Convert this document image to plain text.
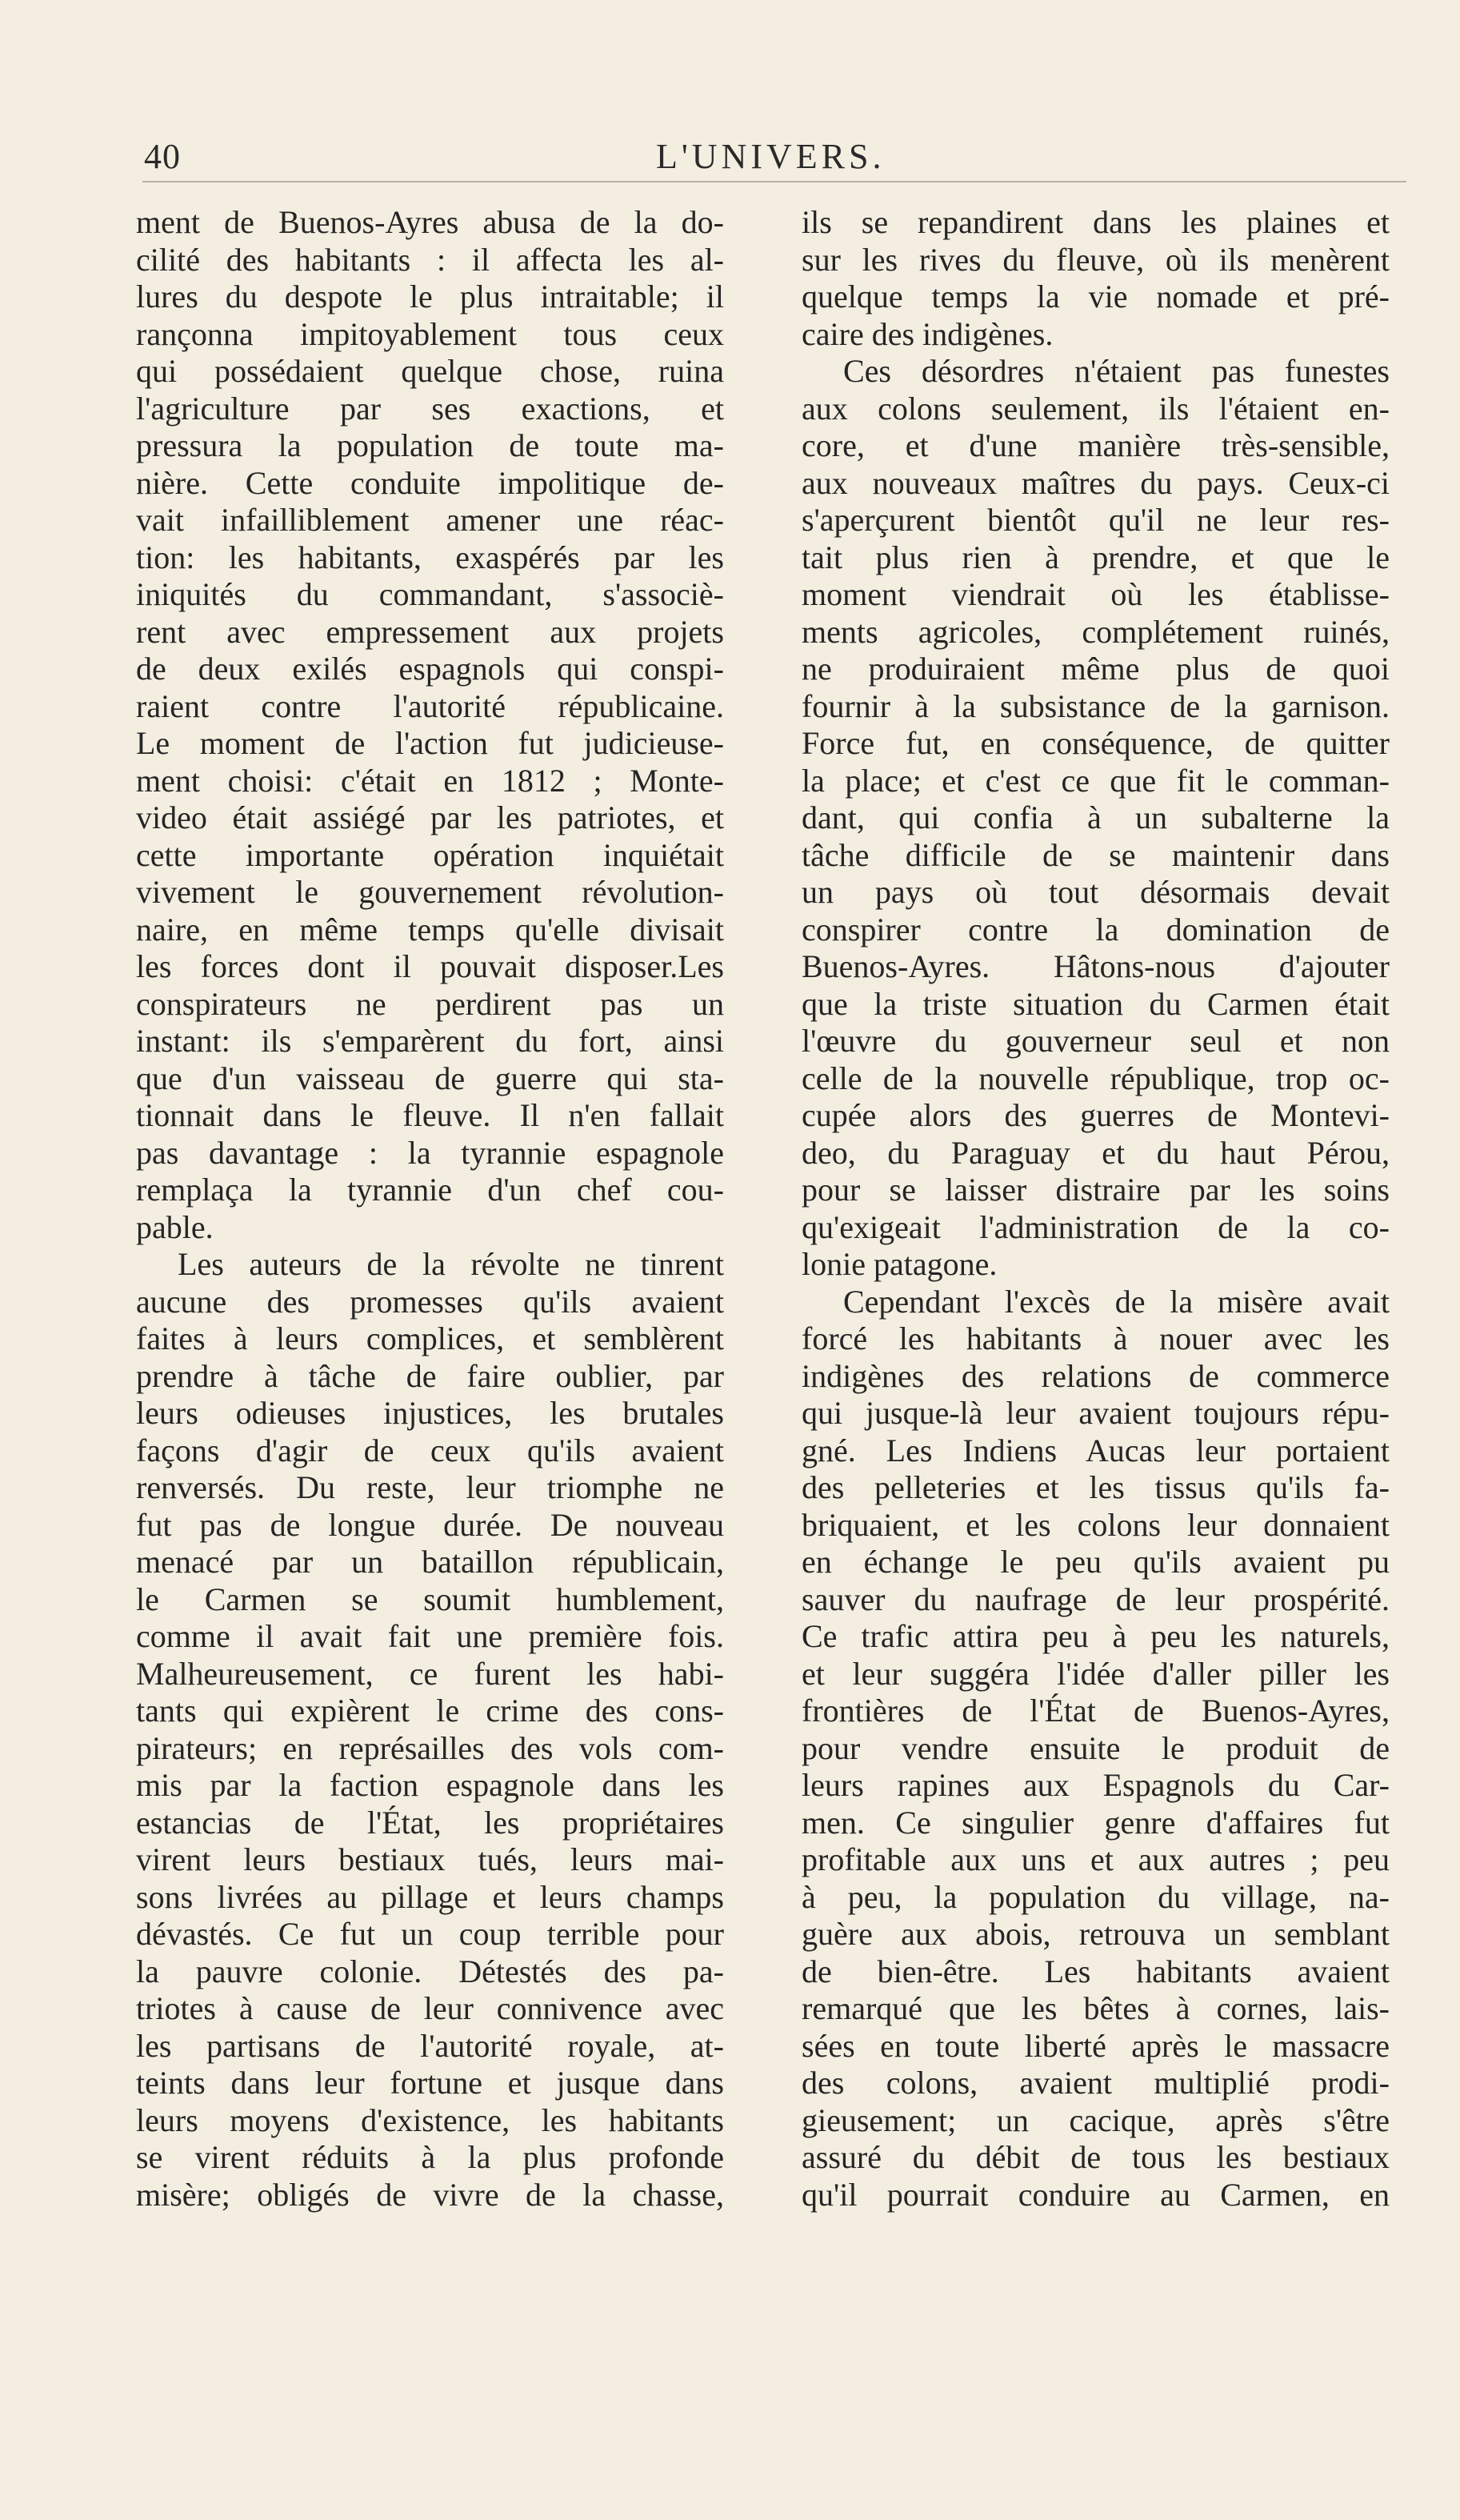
40	L'UNIVERS.
ment de Buenos-Ayres abusa de la do-
cilité des habitants : il affecta les al-
lures du despote le plus intraitable; il
rançonna impitoyablement tous ceux
qui possédaient quelque chose, ruina
l'agriculture par ses exactions, et
pressura la population de toute ma-
nière. Cette conduite impolitique de-
vait infailliblement amener une réac-
tion: les habitants, exaspérés par les
iniquités du commandant, s'associè-
rent avec empressement aux projets
de deux exilés espagnols qui conspi-
raient contre l'autorité républicaine.
Le moment de l'action fut judicieuse-
ment choisi: c'était en 1812 ; Monte-
video était assiégé par les patriotes, et
cette importante opération inquiétait
vivement le gouvernement révolution-
naire, en même temps qu'elle divisait
les forces dont il pouvait disposer.Les
conspirateurs ne perdirent pas un
instant: ils s'emparèrent du fort, ainsi
que d'un vaisseau de guerre qui sta-
tionnait dans le fleuve. Il n'en fallait
pas davantage : la tyrannie espagnole
remplaça la tyrannie d'un chef cou-
pable.
Les auteurs de la révolte ne tinrent
aucune des promesses qu'ils avaient
faites à leurs complices, et semblèrent
prendre à tâche de faire oublier, par
leurs odieuses injustices, les brutales
façons d'agir de ceux qu'ils avaient
renversés. Du reste, leur triomphe ne
fut pas de longue durée. De nouveau
menacé par un bataillon républicain,
le Carmen se soumit humblement,
comme il avait fait une première fois.
Malheureusement, ce furent les habi-
tants qui expièrent le crime des cons-
pirateurs; en représailles des vols com-
mis par la faction espagnole dans les
estancias de l'État, les propriétaires
virent leurs bestiaux tués, leurs mai-
sons livrées au pillage et leurs champs
dévastés. Ce fut un coup terrible pour
la pauvre colonie. Détestés des pa-
triotes à cause de leur connivence avec
les partisans de l'autorité royale, at-
teints dans leur fortune et jusque dans
leurs moyens d'existence, les habitants
se virent réduits à la plus profonde
misère; obligés de vivre de la chasse,
ils se repandirent dans les plaines et
sur les rives du fleuve, où ils menèrent
quelque temps la vie nomade et pré-
caire des indigènes.
Ces désordres n'étaient pas funestes
aux colons seulement, ils l'étaient en-
core, et d'une manière très-sensible,
aux nouveaux maîtres du pays. Ceux-ci
s'aperçurent bientôt qu'il ne leur res-
tait plus rien à prendre, et que le
moment viendrait où les établisse-
ments agricoles, complétement ruinés,
ne produiraient même plus de quoi
fournir à la subsistance de la garnison.
Force fut, en conséquence, de quitter
la place; et c'est ce que fit le comman-
dant, qui confia à un subalterne la
tâche difficile de se maintenir dans
un pays où tout désormais devait
conspirer contre la domination de
Buenos-Ayres. Hâtons-nous d'ajouter
que la triste situation du Carmen était
l'œuvre du gouverneur seul et non
celle de la nouvelle république, trop oc-
cupée alors des guerres de Montevi-
deo, du Paraguay et du haut Pérou,
pour se laisser distraire par les soins
qu'exigeait l'administration de la co-
lonie patagone.
Cependant l'excès de la misère avait
forcé les habitants à nouer avec les
indigènes des relations de commerce
qui jusque-là leur avaient toujours répu-
gné. Les Indiens Aucas leur portaient
des pelleteries et les tissus qu'ils fa-
briquaient, et les colons leur donnaient
en échange le peu qu'ils avaient pu
sauver du naufrage de leur prospérité.
Ce trafic attira peu à peu les naturels,
et leur suggéra l'idée d'aller piller les
frontières de l'État de Buenos-Ayres,
pour vendre ensuite le produit de
leurs rapines aux Espagnols du Car-
men. Ce singulier genre d'affaires fut
profitable aux uns et aux autres ; peu
à peu, la population du village, na-
guère aux abois, retrouva un semblant
de bien-être. Les habitants avaient
remarqué que les bêtes à cornes, lais-
sées en toute liberté après le massacre
des colons, avaient multiplié prodi-
gieusement; un cacique, après s'être
assuré du débit de tous les bestiaux
qu'il pourrait conduire au Carmen, en
